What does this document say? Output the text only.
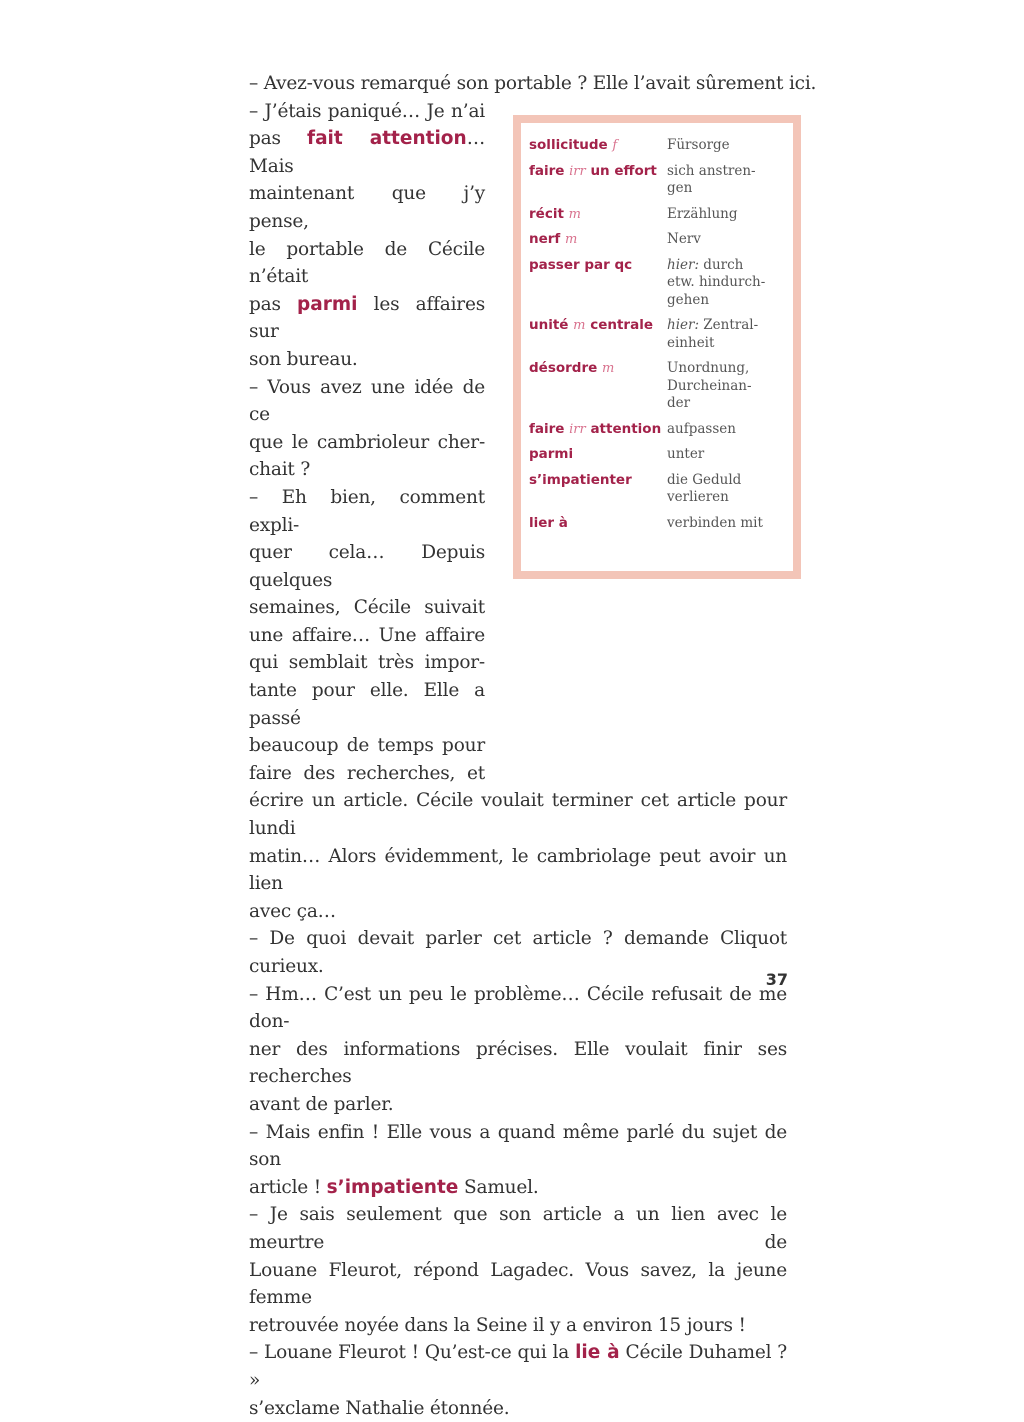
– Avez-vous remarqué son portable ? Elle l’avait sûrement ici.
– J’étais paniqué… Je n’ai
pas fait attention… Mais
maintenant que j’y pense,
le portable de Cécile n’était
pas parmi les affaires sur
son bureau.
– Vous avez une idée de ce
que le cambrioleur cher-
chait ?
– Eh bien, comment expli-
quer cela… Depuis quelques
semaines, Cécile suivait
une affaire… Une affaire
qui semblait très impor-
tante pour elle. Elle a passé
beaucoup de temps pour
faire des recherches, et
écrire un article. Cécile voulait terminer cet article pour lundi
matin… Alors évidemment, le cambriolage peut avoir un lien
avec ça…
– De quoi devait parler cet article ? demande Cliquot curieux.
– Hm… C’est un peu le problème… Cécile refusait de me don-
ner des informations précises. Elle voulait finir ses recherches
avant de parler.
– Mais enfin ! Elle vous a quand même parlé du sujet de son
article ! s’impatiente Samuel.
– Je sais seulement que son article a un lien avec le meurtre de
Louane Fleurot, répond Lagadec. Vous savez, la jeune femme
retrouvée noyée dans la Seine il y a environ 15 jours !
– Louane Fleurot ! Qu’est-ce qui la lie à Cécile Duhamel ? »
s’exclame Nathalie étonnée.
sollicitude f	Fürsorge
faire irr un effort	sich anstren-
gen
récit m	Erzählung
nerf m	Nerv
passer par qc	hier: durch
etw. hindurch-
gehen
unité m centrale	hier: Zentral-
einheit
désordre m	Unordnung,
Durcheinan-
der
faire irr attention	aufpassen
parmi	unter
s’impatienter	die Geduld
verlieren
lier à	verbinden mit
37
